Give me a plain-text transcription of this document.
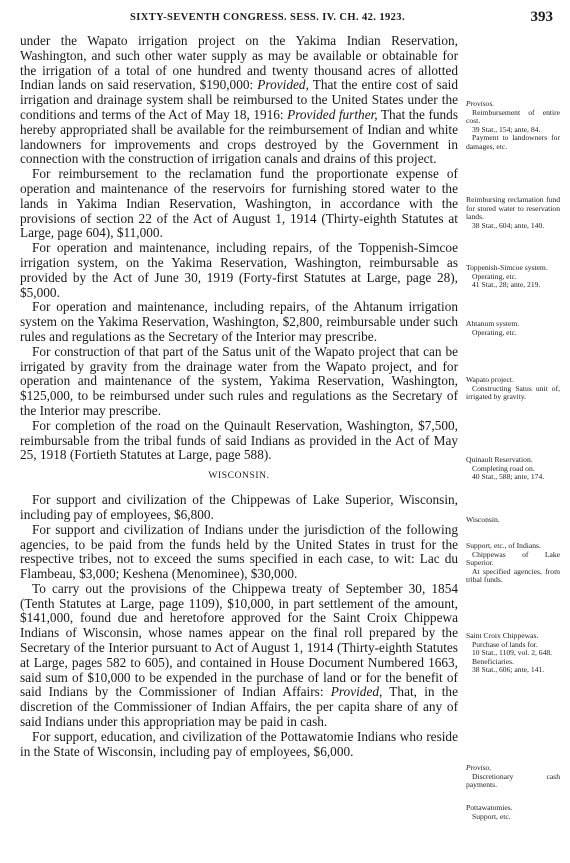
SIXTY-SEVENTH CONGRESS. SESS. IV. CH. 42. 1923.	393

under the Wapato irrigation project on the Yakima Indian Reservation, Washington, and such other water supply as may be available or obtainable for the irrigation of a total of one hundred and twenty thousand acres of allotted Indian lands on said reservation, $190,000: Provided, That the entire cost of said irrigation and drainage system shall be reimbursed to the United States under the conditions and terms of the Act of May 18, 1916: Provided further, That the funds hereby appropriated shall be available for the reimbursement of Indian and white landowners for improvements and crops destroyed by the Government in connection with the construction of irrigation canals and drains of this project.

For reimbursement to the reclamation fund the proportionate expense of operation and maintenance of the reservoirs for furnishing stored water to the lands in Yakima Indian Reservation, Washington, in accordance with the provisions of section 22 of the Act of August 1, 1914 (Thirty-eighth Statutes at Large, page 604), $11,000.

For operation and maintenance, including repairs, of the Toppenish-Simcoe irrigation system, on the Yakima Reservation, Washington, reimbursable as provided by the Act of June 30, 1919 (Forty-first Statutes at Large, page 28), $5,000.

For operation and maintenance, including repairs, of the Ahtanum irrigation system on the Yakima Reservation, Washington, $2,800, reimbursable under such rules and regulations as the Secretary of the Interior may prescribe.

For construction of that part of the Satus unit of the Wapato project that can be irrigated by gravity from the drainage water from the Wapato project, and for operation and maintenance of the system, Yakima Reservation, Washington, $125,000, to be reimbursed under such rules and regulations as the Secretary of the Interior may prescribe.

For completion of the road on the Quinault Reservation, Washington, $7,500, reimbursable from the tribal funds of said Indians as provided in the Act of May 25, 1918 (Fortieth Statutes at Large, page 588).

WISCONSIN.

For support and civilization of the Chippewas of Lake Superior, Wisconsin, including pay of employees, $6,800.

For support and civilization of Indians under the jurisdiction of the following agencies, to be paid from the funds held by the United States in trust for the respective tribes, not to exceed the sums specified in each case, to wit: Lac du Flambeau, $3,000; Keshena (Menominee), $30,000.

To carry out the provisions of the Chippewa treaty of September 30, 1854 (Tenth Statutes at Large, page 1109), $10,000, in part settlement of the amount, $141,000, found due and heretofore approved for the Saint Croix Chippewa Indians of Wisconsin, whose names appear on the final roll prepared by the Secretary of the Interior pursuant to Act of August 1, 1914 (Thirty-eighth Statutes at Large, pages 582 to 605), and contained in House Document Numbered 1663, said sum of $10,000 to be expended in the purchase of land or for the benefit of said Indians by the Commissioner of Indian Affairs: Provided, That, in the discretion of the Commissioner of Indian Affairs, the per capita share of any of said Indians under this appropriation may be paid in cash.

For support, education, and civilization of the Pottawatomie Indians who reside in the State of Wisconsin, including pay of employees, $6,000.

Provisos.
Reimbursement of entire cost.
39 Stat., 154; ante, 84.
Payment to landowners for damages, etc.
Reimbursing reclamation fund for stored water to reservation lands.
38 Stat., 604; ante, 140.
Toppenish-Simcoe system.
Operating, etc.
41 Stat., 28; ante, 219.
Ahtanum system.
Operating, etc.
Wapato project.
Constructing Satus unit of, irrigated by gravity.
Quinault Reservation.
Completing road on.
40 Stat., 588; ante, 174.
Wisconsin.
Support, etc., of Indians.
Chippewas of Lake Superior.
At specified agencies, from tribal funds.
Saint Croix Chippewas.
Purchase of lands for.
10 Stat., 1109, vol. 2, 648.
Beneficiaries.
38 Stat., 606; ante, 141.
Proviso.
Discretionary cash payments.
Pottawatomies.
Support, etc.
